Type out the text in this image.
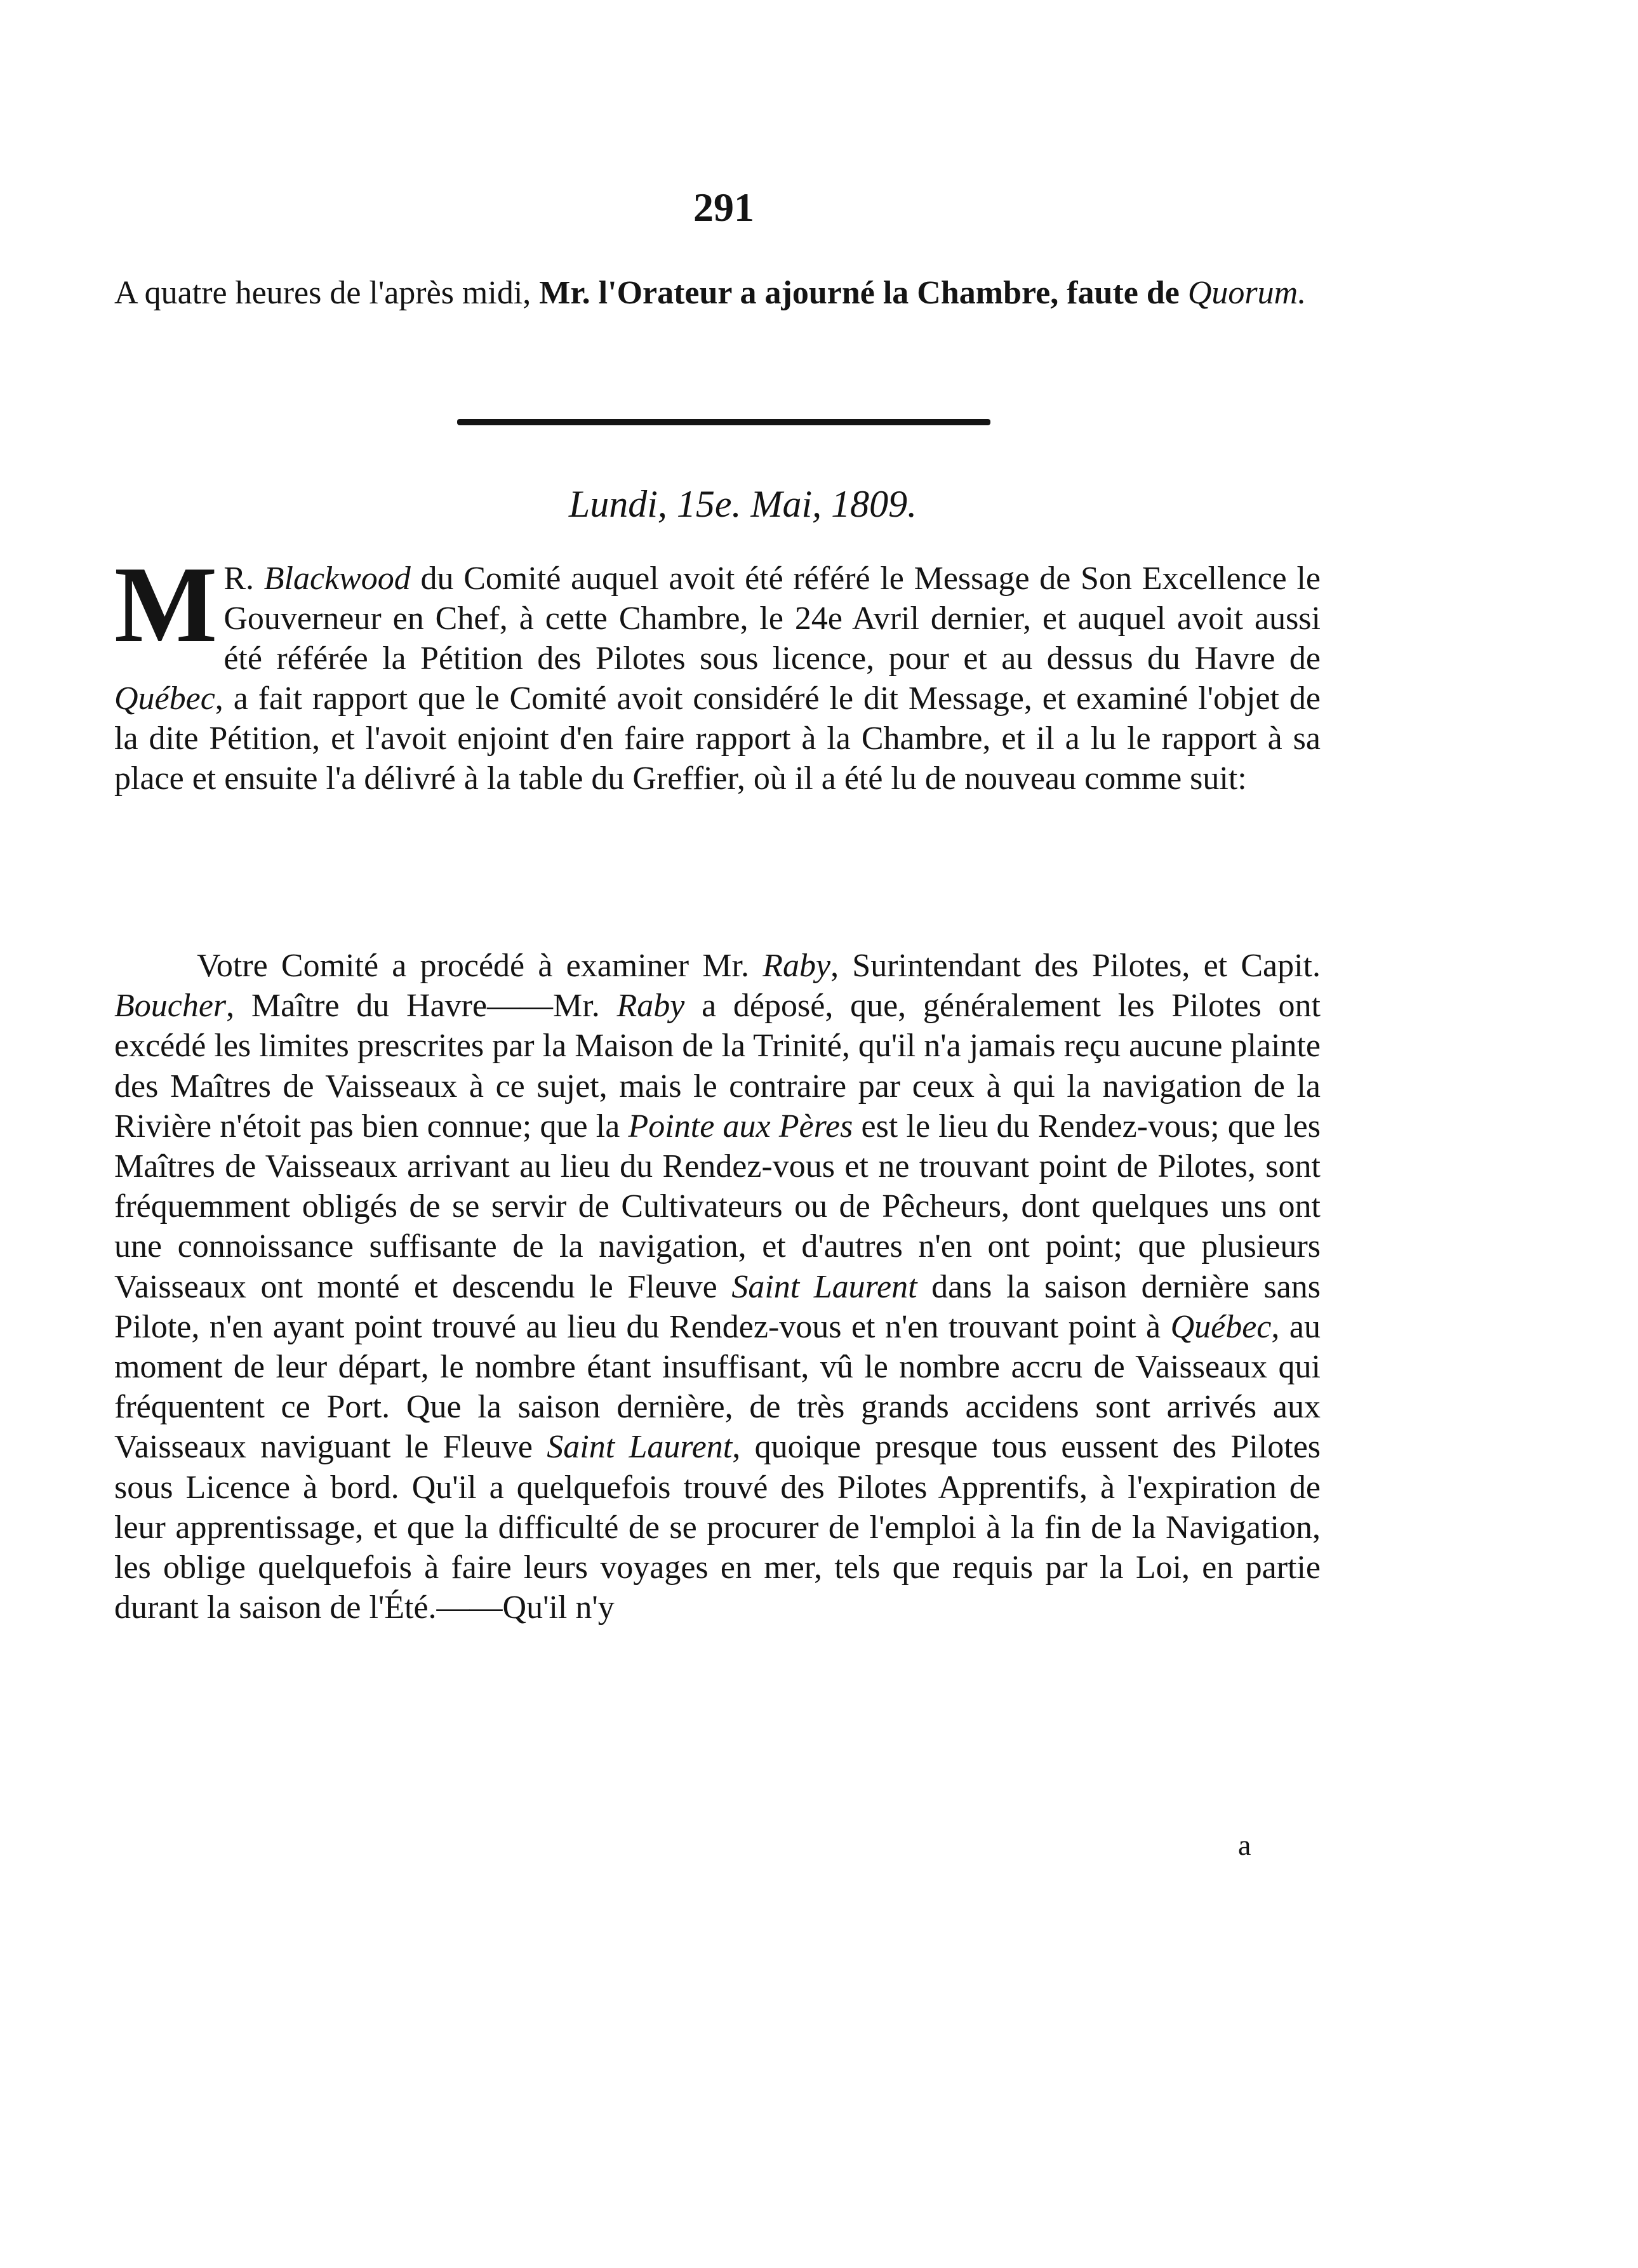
291
A quatre heures de l'après midi, Mr. l'Orateur a ajourné la Chambre, faute de Quorum.
Lundi, 15e. Mai, 1809.
M R. Blackwood du Comité auquel avoit été référé le Message de Son Excellence le Gouverneur en Chef, à cette Chambre, le 24e Avril dernier, et auquel avoit aussi été référée la Pétition des Pilotes sous licence, pour et au dessus du Havre de Québec, a fait rapport que le Comité avoit considéré le dit Message, et examiné l'objet de la dite Pétition, et l'avoit enjoint d'en faire rapport à la Chambre, et il a lu le rapport à sa place et ensuite l'a délivré à la table du Greffier, où il a été lu de nouveau comme suit:
Votre Comité a procédé à examiner Mr. Raby, Surintendant des Pilotes, et Capit. Boucher, Maître du Havre——Mr. Raby a déposé, que, généralement les Pilotes ont excédé les limites prescrites par la Maison de la Trinité, qu'il n'a jamais reçu aucune plainte des Maîtres de Vaisseaux à ce sujet, mais le contraire par ceux à qui la navigation de la Rivière n'étoit pas bien connue; que la Pointe aux Pères est le lieu du Rendez-vous; que les Maîtres de Vaisseaux arrivant au lieu du Rendez-vous et ne trouvant point de Pilotes, sont fréquemment obligés de se servir de Cultivateurs ou de Pêcheurs, dont quelques uns ont une connoissance suffisante de la navigation, et d'autres n'en ont point; que plusieurs Vaisseaux ont monté et descendu le Fleuve Saint Laurent dans la saison dernière sans Pilote, n'en ayant point trouvé au lieu du Rendez-vous et n'en trouvant point à Québec, au moment de leur départ, le nombre étant insuffisant, vû le nombre accru de Vaisseaux qui fréquentent ce Port. Que la saison dernière, de très grands accidens sont arrivés aux Vaisseaux naviguant le Fleuve Saint Laurent, quoique presque tous eussent des Pilotes sous Licence à bord. Qu'il a quelquefois trouvé des Pilotes Apprentifs, à l'expiration de leur apprentissage, et que la difficulté de se procurer de l'emploi à la fin de la Navigation, les oblige quelquefois à faire leurs voyages en mer, tels que requis par la Loi, en partie durant la saison de l'Été.——Qu'il n'y
a
